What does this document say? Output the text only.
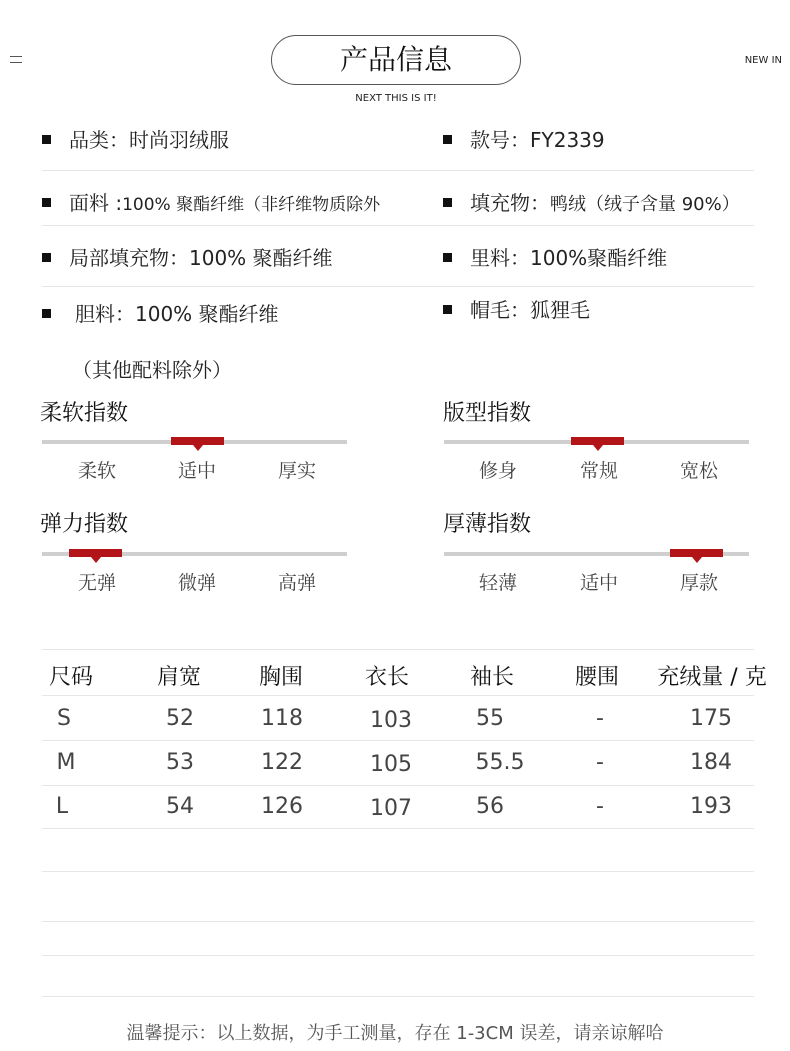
产品信息
NEXT THIS IS IT!
NEW IN
品类：时尚羽绒服	款号：FY2339
面料 :100% 聚酯纤维（非纤维物质除外	填充物：鸭绒（绒子含量 90%）
局部填充物：100% 聚酯纤维	里料：100%聚酯纤维
胆料：100% 聚酯纤维	帽毛：狐狸毛
（其他配料除外）
柔软指数
柔软	适中	厚实
版型指数
修身	常规	宽松
弹力指数
无弹	微弹	高弹
厚薄指数
轻薄	适中	厚款
尺码	肩宽	胸围	衣长	袖长	腰围	充绒量 / 克
S	52	118	103	55	-	175
M	53	122	105	55.5	-	184
L	54	126	107	56	-	193
温馨提示：以上数据，为手工测量，存在 1-3CM 误差，请亲谅解哈
